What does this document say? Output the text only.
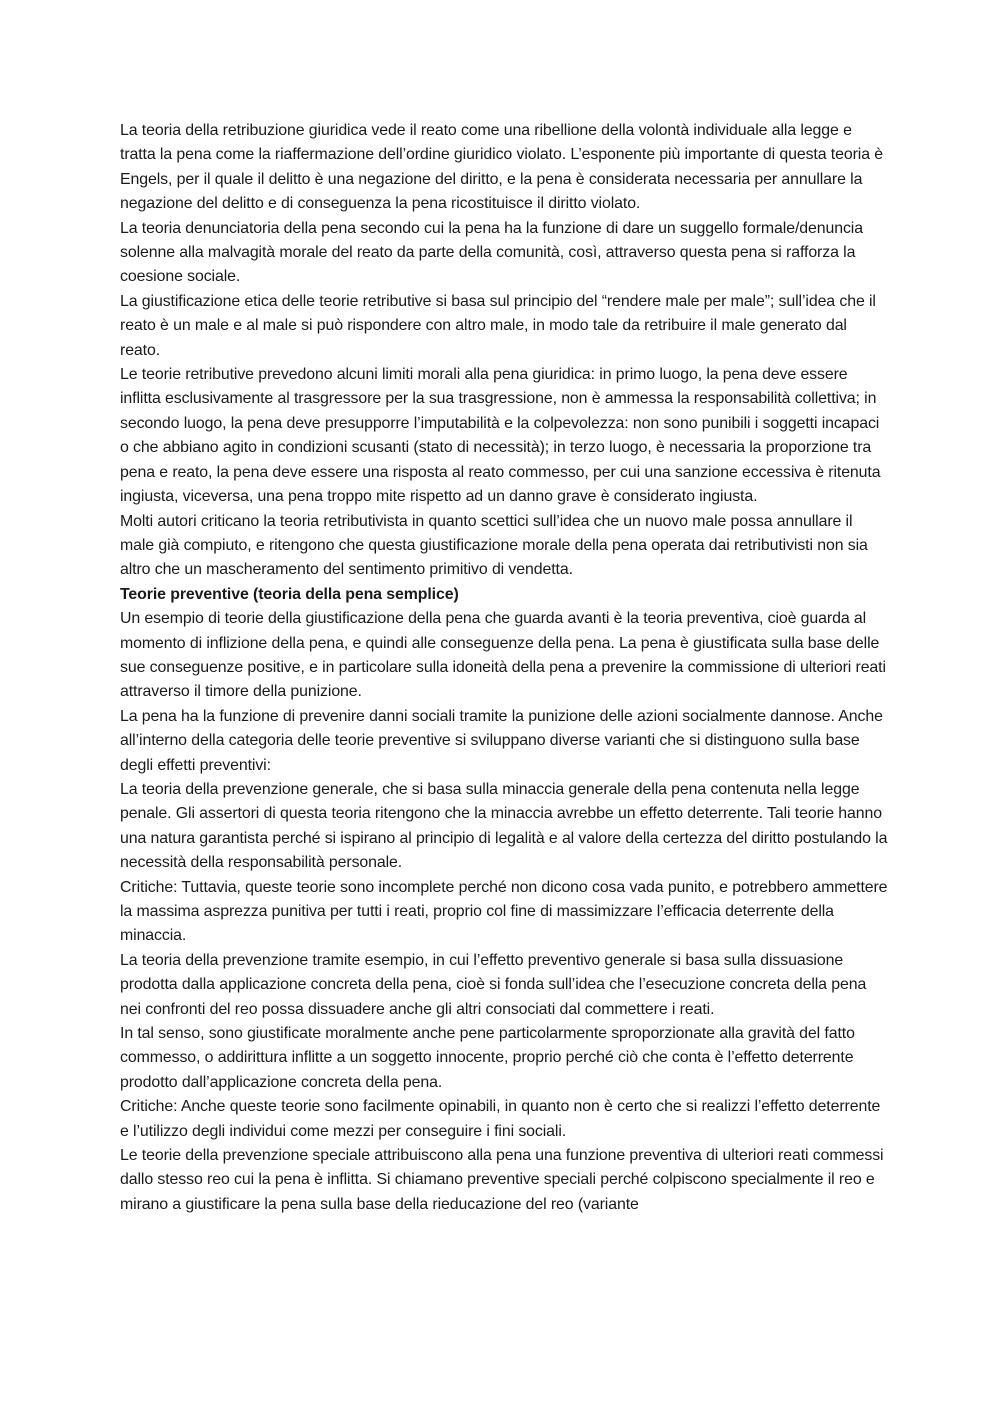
La teoria della retribuzione giuridica vede il reato come una ribellione della volontà individuale alla legge e tratta la pena come la riaffermazione dell’ordine giuridico violato. L’esponente più importante di questa teoria è Engels, per il quale il delitto è una negazione del diritto, e la pena è considerata necessaria per annullare la negazione del delitto e di conseguenza la pena ricostituisce il diritto violato.

La teoria denunciatoria della pena secondo cui la pena ha la funzione di dare un suggello formale/denuncia solenne alla malvagità morale del reato da parte della comunità, così, attraverso questa pena si rafforza la coesione sociale.

La giustificazione etica delle teorie retributive si basa sul principio del “rendere male per male”; sull’idea che il reato è un male e al male si può rispondere con altro male, in modo tale da retribuire il male generato dal reato.

Le teorie retributive prevedono alcuni limiti morali alla pena giuridica: in primo luogo, la pena deve essere inflitta esclusivamente al trasgressore per la sua trasgressione, non è ammessa la responsabilità collettiva; in secondo luogo, la pena deve presupporre l’imputabilità e la colpevolezza: non sono punibili i soggetti incapaci o che abbiano agito in condizioni scusanti (stato di necessità); in terzo luogo, è necessaria la proporzione tra pena e reato, la pena deve essere una risposta al reato commesso, per cui una sanzione eccessiva è ritenuta ingiusta, viceversa, una pena troppo mite rispetto ad un danno grave è considerato ingiusta.

Molti autori criticano la teoria retributivista in quanto scettici sull’idea che un nuovo male possa annullare il male già compiuto, e ritengono che questa giustificazione morale della pena operata dai retributivisti non sia altro che un mascheramento del sentimento primitivo di vendetta.

Teorie preventive (teoria della pena semplice)

Un esempio di teorie della giustificazione della pena che guarda avanti è la teoria preventiva, cioè guarda al momento di inflizione della pena, e quindi alle conseguenze della pena. La pena è giustificata sulla base delle sue conseguenze positive, e in particolare sulla idoneità della pena a prevenire la commissione di ulteriori reati attraverso il timore della punizione.

La pena ha la funzione di prevenire danni sociali tramite la punizione delle azioni socialmente dannose. Anche all’interno della categoria delle teorie preventive si sviluppano diverse varianti che si distinguono sulla base degli effetti preventivi:

La teoria della prevenzione generale, che si basa sulla minaccia generale della pena contenuta nella legge penale. Gli assertori di questa teoria ritengono che la minaccia avrebbe un effetto deterrente. Tali teorie hanno una natura garantista perché si ispirano al principio di legalità e al valore della certezza del diritto postulando la necessità della responsabilità personale.

Critiche: Tuttavia, queste teorie sono incomplete perché non dicono cosa vada punito, e potrebbero ammettere la massima asprezza punitiva per tutti i reati, proprio col fine di massimizzare l’efficacia deterrente della minaccia.

La teoria della prevenzione tramite esempio, in cui l’effetto preventivo generale si basa sulla dissuasione prodotta dalla applicazione concreta della pena, cioè si fonda sull’idea che l’esecuzione concreta della pena nei confronti del reo possa dissuadere anche gli altri consociati dal commettere i reati.

In tal senso, sono giustificate moralmente anche pene particolarmente sproporzionate alla gravità del fatto commesso, o addirittura inflitte a un soggetto innocente, proprio perché ciò che conta è l’effetto deterrente prodotto dall’applicazione concreta della pena.

Critiche: Anche queste teorie sono facilmente opinabili, in quanto non è certo che si realizzi l’effetto deterrente e l’utilizzo degli individui come mezzi per conseguire i fini sociali.

Le teorie della prevenzione speciale attribuiscono alla pena una funzione preventiva di ulteriori reati commessi dallo stesso reo cui la pena è inflitta. Si chiamano preventive speciali perché colpiscono specialmente il reo e mirano a giustificare la pena sulla base della rieducazione del reo (variante
